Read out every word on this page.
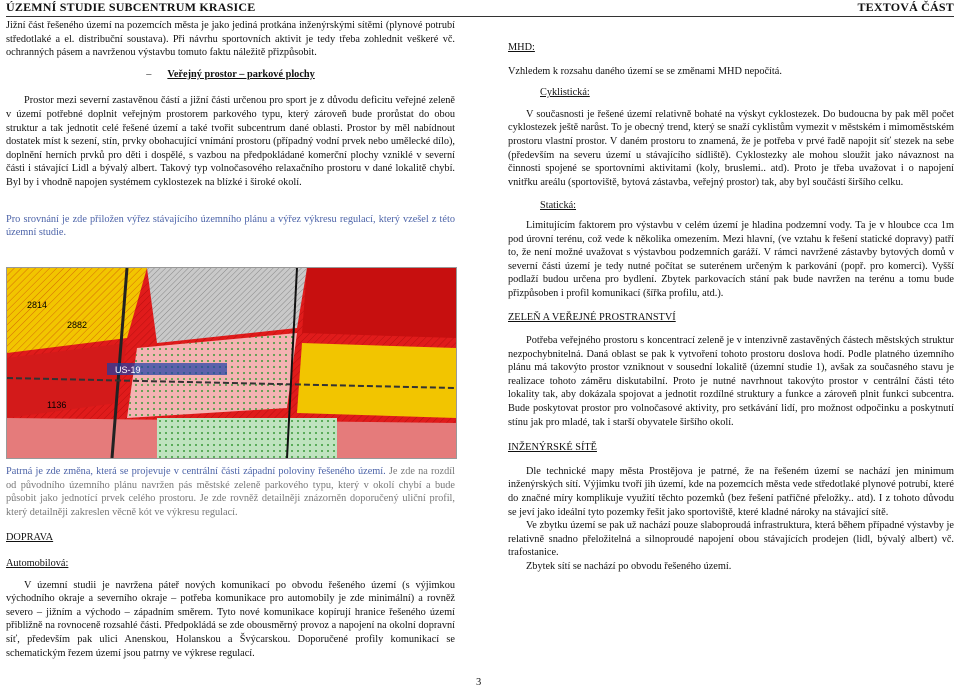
ÚZEMNÍ STUDIE SUBCENTRUM KRASICE	TEXTOVÁ ČÁST

Jižní část řešeného území na pozemcích města je jako jediná protkána inženýrskými sítěmi (plynové potrubí středotlaké a el. distribuční soustava). Při návrhu sportovních aktivit je tedy třeba zohlednit veškeré vč. ochranných pásem a navrženou výstavbu tomuto faktu náležitě přizpůsobit.

– Veřejný prostor – parkové plochy

Prostor mezi severní zastavěnou částí a jižní části určenou pro sport je z důvodu deficitu veřejné zeleně v území potřebné doplnit veřejným prostorem parkového typu, který zároveň bude prorůstat do obou struktur a tak jednotit celé řešené území a také tvořit subcentrum dané oblasti. Prostor by měl nabídnout dostatek míst k sezení, stín, prvky obohacující vnímání prostoru (případný vodní prvek nebo umělecké dílo), doplnění herních prvků pro děti i dospělé, s vazbou na předpokládané komerční plochy vzniklé v severní části i stávající Lidl a bývalý albert. Takový typ volnočasového relaxačního prostoru v dané lokalitě chybí. Byl by i vhodně napojen systémem cyklostezek na blízké i široké okolí.

Pro srovnání je zde přiložen výřez stávajícího územního plánu a výřez výkresu regulací, který vzešel z této územní studie.

US-19
1136
2814
2882

Patrná je zde změna, která se projevuje v centrální části západní poloviny řešeného území. Je zde na rozdíl od původního územního plánu navržen pás městské zeleně parkového typu, který v okolí chybí a bude působit jako jednotící prvek celého prostoru. Je zde rovněž detailněji znázorněn doporučený uliční profil, který detailněji zakreslen věcně kót ve výkresu regulací.

DOPRAVA

Automobilová:

V územní studii je navržena páteř nových komunikací po obvodu řešeného území (s výjimkou východního okraje a severního okraje – potřeba komunikace pro automobily je zde minimální) a rovněž severo – jižním a východo – západním směrem. Tyto nové komunikace kopírují hranice řešeného území přibližně na rovnoceně rozsahlé části. Předpokládá se zde obousměrný provoz a napojení na okolní dopravní síť, především pak ulici Anenskou, Holanskou a Švýcarskou. Doporučené profily komunikací se schematickým řezem území jsou patrny ve výkrese regulací.

MHD:

Vzhledem k rozsahu daného území se se změnami MHD nepočítá.

Cyklistická:

V současnosti je řešené území relativně bohaté na výskyt cyklostezek. Do budoucna by pak měl počet cyklostezek ještě narůst. To je obecný trend, který se snaží cyklistům vymezit v městském i mimoměstském prostoru vlastní prostor. V daném prostoru to znamená, že je potřeba v prvé řadě napojit síť stezek na sebe (především na severu území u stávajícího sídliště). Cyklostezky ale mohou sloužit jako návaznost na činnosti spojené se sportovními aktivitami (koly, bruslemi.. atd). Proto je třeba uvažovat i o napojení vnitřku areálu (sportoviště, bytová zástavba, veřejný prostor) tak, aby byl součástí širšího celku.

Statická:

Limitujícím faktorem pro výstavbu v celém území je hladina podzemní vody. Ta je v hloubce cca 1m pod úrovní terénu, což vede k několika omezením. Mezi hlavní, (ve vztahu k řešení statické dopravy) patří to, že není možné uvažovat s výstavbou podzemních garáží. V rámci navržené zástavby bytových domů v severní části území je tedy nutné počítat se suterénem určeným k parkování (popř. pro komerci). Vyšší podlaží budou určena pro bydlení. Zbytek parkovacích stání pak bude navržen na terénu a tomu bude přizpůsoben i profil komunikací (šířka profilu, atd.).

ZELEŇ A VEŘEJNÉ PROSTRANSTVÍ

Potřeba veřejného prostoru s koncentrací zeleně je v intenzivně zastavěných částech městských struktur nezpochybnitelná. Daná oblast se pak k vytvoření tohoto prostoru doslova hodí. Podle platného územního plánu má takovýto prostor vzniknout v sousední lokalitě (územní studie 1), avšak za současného stavu je realizace tohoto záměru diskutabilní. Proto je nutné navrhnout takovýto prostor v centrální části této lokality tak, aby dokázala spojovat a jednotit rozdílné struktury a funkce a zároveň plnit funkci subcentra. Bude poskytovat prostor pro volnočasové aktivity, pro setkávání lidí, pro možnost odpočinku a poskytnutí stínu jak pro mladé, tak i starší obyvatele širšího okolí.

INŽENÝRSKÉ SÍTĚ

Dle technické mapy města Prostějova je patrné, že na řešeném území se nachází jen minimum inženýrských sítí. Výjimku tvoří jih území, kde na pozemcích města vede středotlaké plynové potrubí, které do značné míry komplikuje využití těchto pozemků (bez řešení patřičné přeložky.. atd). I z tohoto důvodu se jeví jako ideální tyto pozemky řešit jako sportoviště, které kladné nároky na stávající sítě.

Ve zbytku území se pak už nachází pouze slaboproudá infrastruktura, která během případné výstavby je relativně snadno přeložitelná a silnoproudé napojení obou stávajících prodejen (lidl, bývalý albert) vč. trafostanice.

Zbytek sítí se nachází po obvodu řešeného území.

3
